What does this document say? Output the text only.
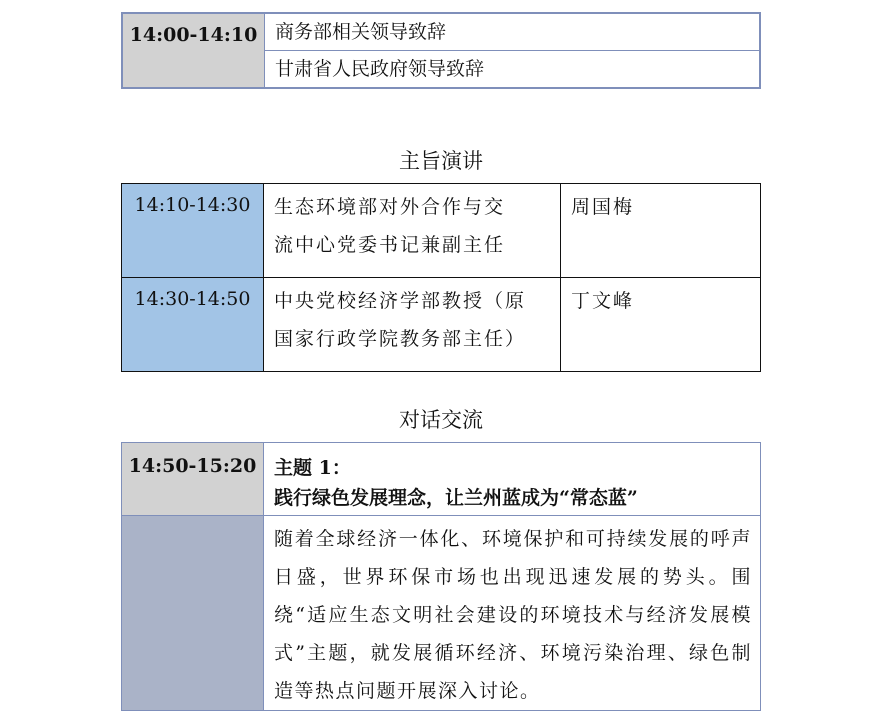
14:00-14:10	商务部相关领导致辞
甘肃省人民政府领导致辞
主旨演讲
14:10-14:30	生态环境部对外合作与交
流中心党委书记兼副主任	周国梅
14:30-14:50	中央党校经济学部教授（原
国家行政学院教务部主任）	丁文峰
对话交流
14:50-15:20	主题 1：
践行绿色发展理念，让兰州蓝成为“常态蓝”

	随着全球经济一体化、环境保护和可持续发展的呼声日盛，世界环保市场也出现迅速发展的势头。围绕“适应生态文明社会建设的环境技术与经济发展模式”主题，就发展循环经济、环境污染治理、绿色制造等热点问题开展深入讨论。
